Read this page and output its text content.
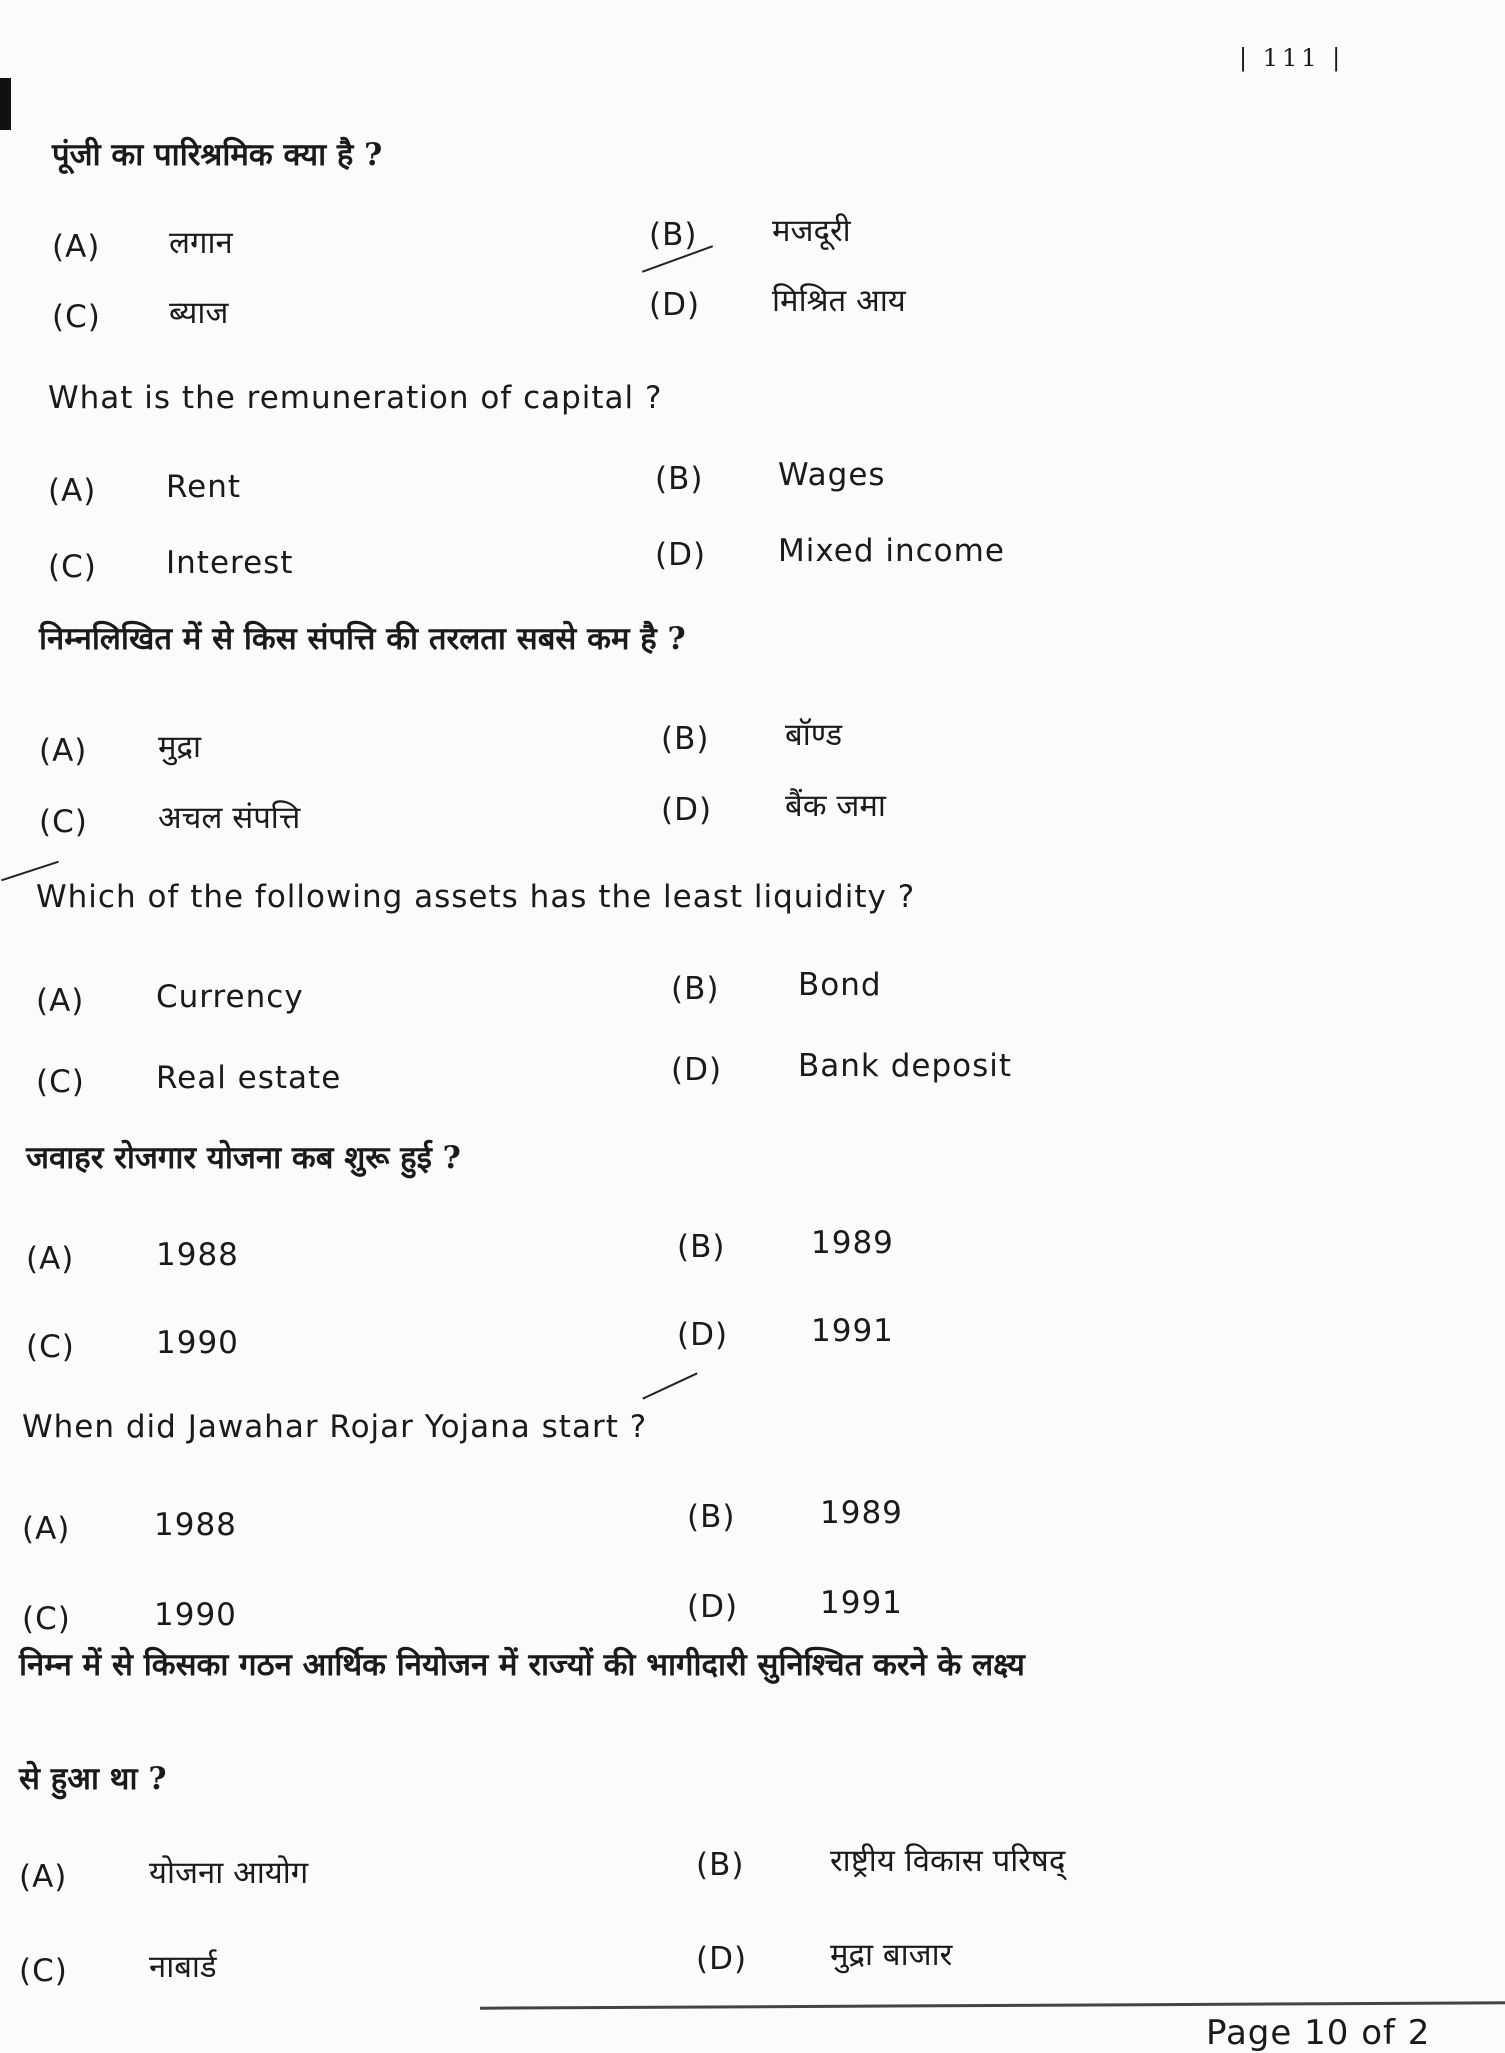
| 111 |
पूंजी का पारिश्रमिक क्या है ?
(A) लगान	(B) मजदूरी
(C) ब्याज	(D) मिश्रित आय
What is the remuneration of capital ?
(A) Rent	(B) Wages
(C) Interest	(D) Mixed income
निम्नलिखित में से किस संपत्ति की तरलता सबसे कम है ?
(A) मुद्रा	(B) बॉण्ड
(C) अचल संपत्ति	(D) बैंक जमा
Which of the following assets has the least liquidity ?
(A) Currency	(B)	Bond
(C) Real estate	(D) Bank deposit
जवाहर रोजगार योजना कब शुरू हुई ?
(A)	1988	(B)	1989
(C)	1990	(D)	1991
When did Jawahar Rojar Yojana start ?
(A)	1988	(B)	1989
(C)	1990	(D)	1991
निम्न में से किसका गठन आर्थिक नियोजन में राज्यों की भागीदारी सुनिश्चित करने के लक्ष्य
से हुआ था ?
(A)	योजना आयोग	(B)	राष्ट्रीय विकास परिषद्
(C)	नाबार्ड	(D)	मुद्रा बाजार
Page 10 of 2
